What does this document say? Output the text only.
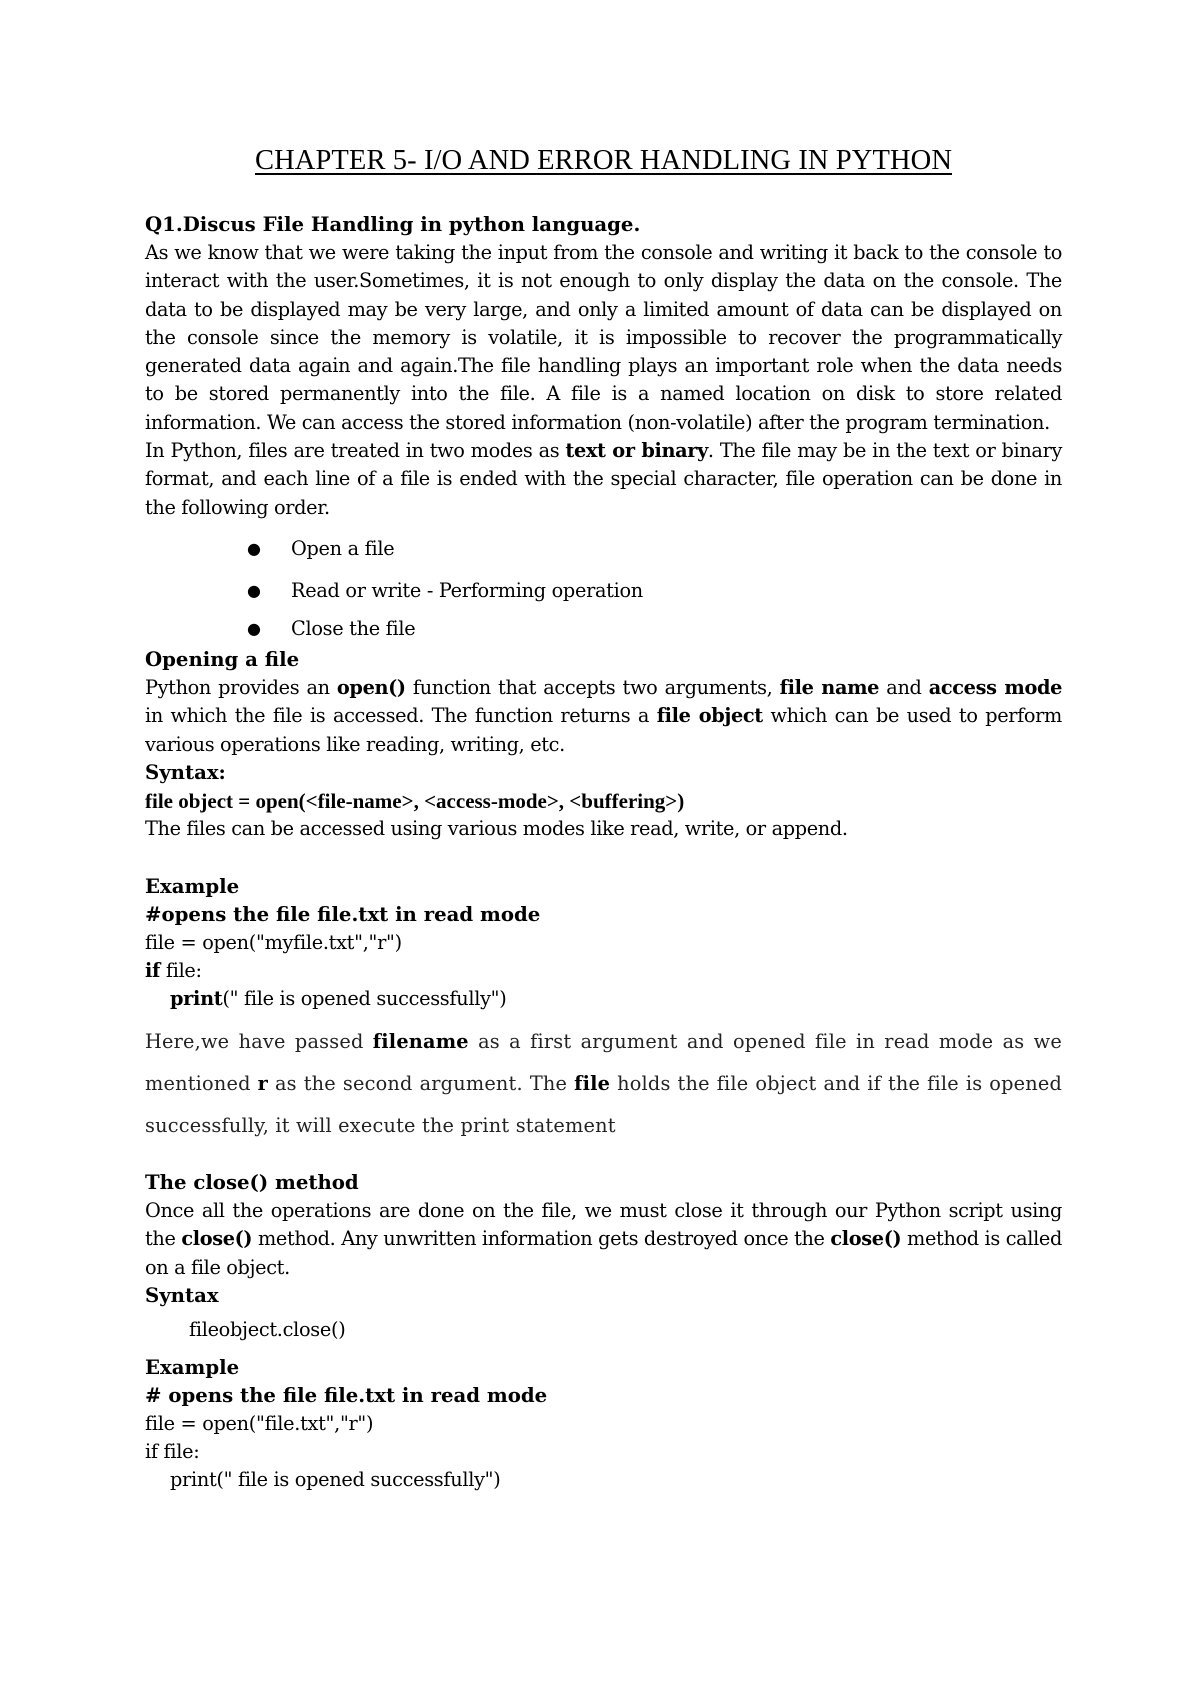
CHAPTER 5- I/O AND ERROR HANDLING IN PYTHON

Q1.Discus File Handling in python language.

As we know that we were taking the input from the console and writing it back to the console to interact with the user.Sometimes, it is not enough to only display the data on the console. The data to be displayed may be very large, and only a limited amount of data can be displayed on the console since the memory is volatile, it is impossible to recover the programmatically generated data again and again.The file handling plays an important role when the data needs to be stored permanently into the file. A file is a named location on disk to store related information. We can access the stored information (non-volatile) after the program termination.

In Python, files are treated in two modes as text or binary. The file may be in the text or binary format, and each line of a file is ended with the special character, file operation can be done in the following order.

● Open a file
● Read or write - Performing operation
● Close the file

Opening a file

Python provides an open() function that accepts two arguments, file name and access mode in which the file is accessed. The function returns a file object which can be used to perform various operations like reading, writing, etc.

Syntax:

file object = open(<file-name>, <access-mode>, <buffering>)

The files can be accessed using various modes like read, write, or append.

Example

#opens the file file.txt in read mode

file = open("myfile.txt","r")

if file:

print(" file is opened successfully")

Here,we have passed filename as a first argument and opened file in read mode as we mentioned r as the second argument. The file holds the file object and if the file is opened successfully, it will execute the print statement

The close() method

Once all the operations are done on the file, we must close it through our Python script using the close() method. Any unwritten information gets destroyed once the close() method is called on a file object.

Syntax

fileobject.close()

Example

# opens the file file.txt in read mode

file = open("file.txt","r")

if file:

print(" file is opened successfully")
